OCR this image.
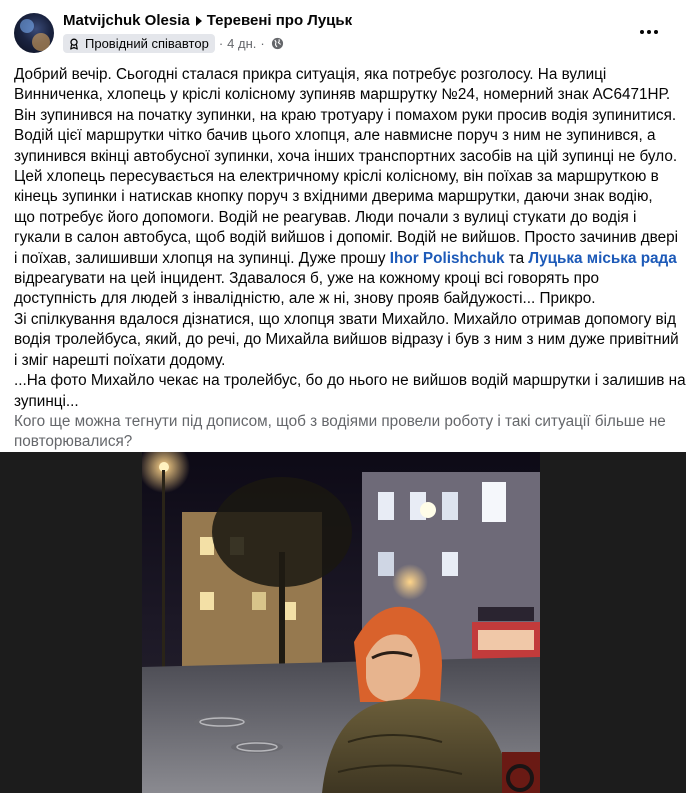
Matvijchuk Olesia Теревені про Луцьк
Провідний співавтор · 4 дн. ·

Добрий вечір. Сьогодні сталася прикра ситуація, яка потребує розголосу. На вулиці

Винниченка, хлопець у кріслі колісному зупиняв маршрутку №24, номерний знак АС6471НР.

Він зупинився на початку зупинки, на краю тротуару і помахом руки просив водія зупинитися.

Водій цієї маршрутки чітко бачив цього хлопця, але навмисне поруч з ним не зупинився, а

зупинився вкінці автобусної зупинки, хоча інших транспортних засобів на цій зупинці не було.

Цей хлопець пересувається на електричному кріслі колісному, він поїхав за маршруткою в

кінець зупинки і натискав кнопку поруч з вхідними дверима маршрутки, даючи знак водію,

що потребує його допомоги. Водій не реагував. Люди почали з вулиці стукати до водія і

гукали в салон автобуса, щоб водій вийшов і допоміг. Водій не вийшов. Просто зачинив двері

і поїхав, залишивши хлопця на зупинці. Дуже прошу Ihor Polishchuk та Луцька міська рада

відреагувати на цей інцидент. Здавалося б, уже на кожному кроці всі говорять про

доступність для людей з інвалідністю, але ж ні, знову прояв байдужості... Прикро.

Зі спілкування вдалося дізнатися, що хлопця звати Михайло. Михайло отримав допомогу від

водія тролейбуса, який, до речі, до Михайла вийшов відразу і був з ним з ним дуже привітний

і зміг нарешті поїхати додому.

...На фото Михайло чекає на тролейбус, бо до нього не вийшов водій маршрутки і залишив на

зупинці...

Кого ще можна тегнути під дописом, щоб з водіями провели роботу і такі ситуації більше не

повторювалися?
